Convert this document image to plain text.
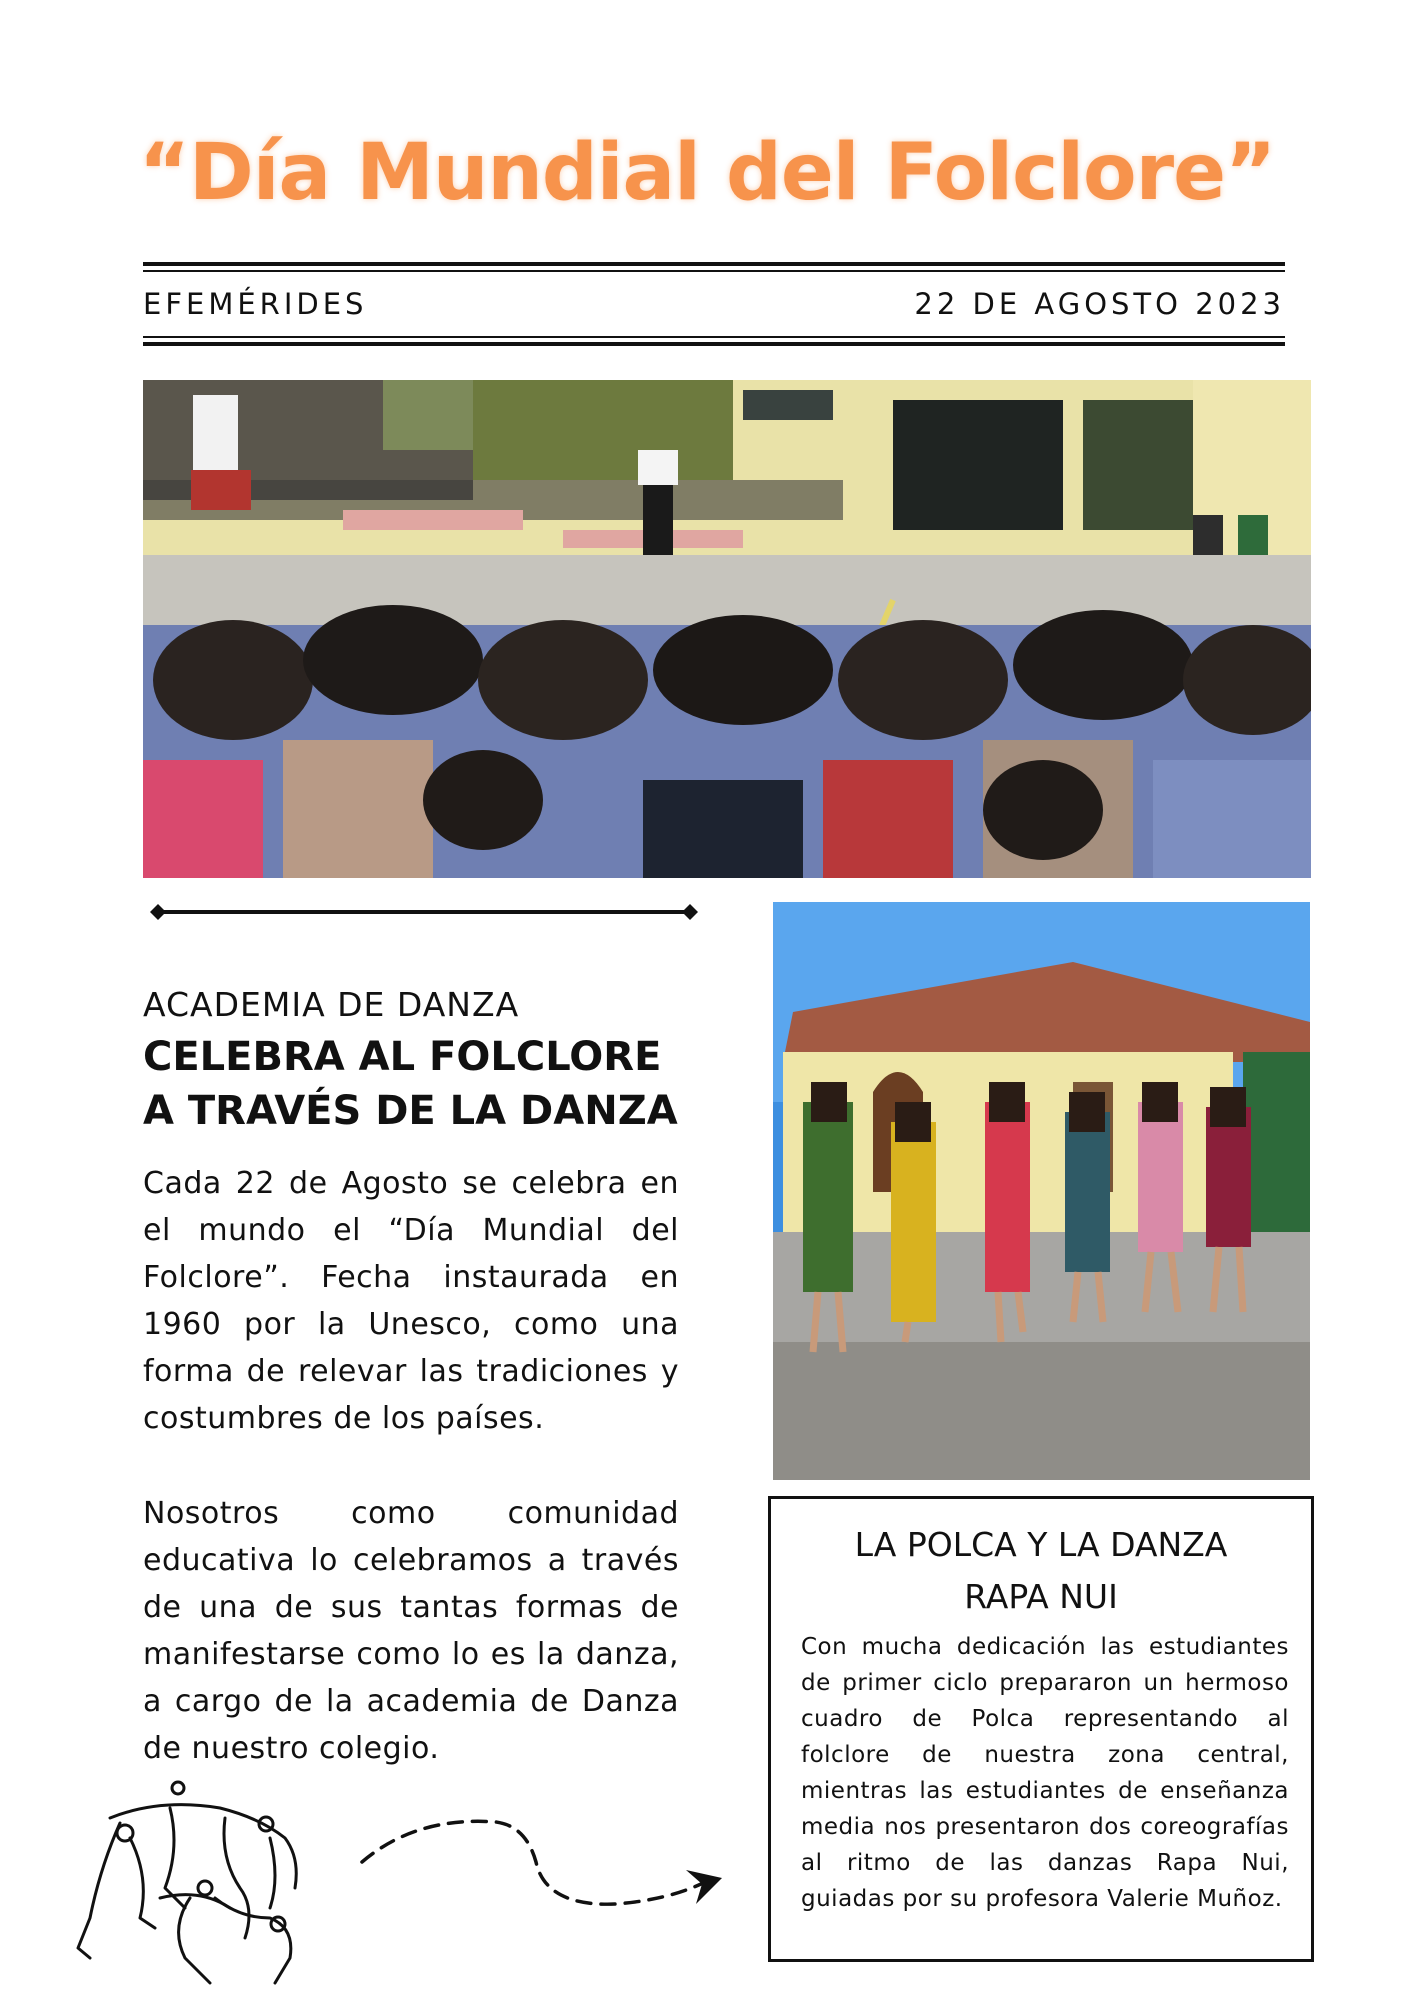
“Día Mundial del Folclore”
EFEMÉRIDES	22 DE AGOSTO 2023
ACADEMIA DE DANZA
CELEBRA AL FOLCLORE
A TRAVÉS DE LA DANZA
Cada 22 de Agosto se celebra en el mundo el “Día Mundial del Folclore”. Fecha instaurada en 1960 por la Unesco, como una forma de relevar las tradiciones y costumbres de los países.
Nosotros como comunidad educativa lo celebramos a través de una de sus tantas formas de manifestarse como lo es la danza, a cargo de la academia de Danza de nuestro colegio.
LA POLCA Y LA DANZA
RAPA NUI
Con mucha dedicación las estudiantes de primer ciclo prepararon un hermoso cuadro de Polca representando al folclore de nuestra zona central, mientras las estudiantes de enseñanza media nos presentaron dos coreografías al ritmo de las danzas Rapa Nui, guiadas por su profesora Valerie Muñoz.
